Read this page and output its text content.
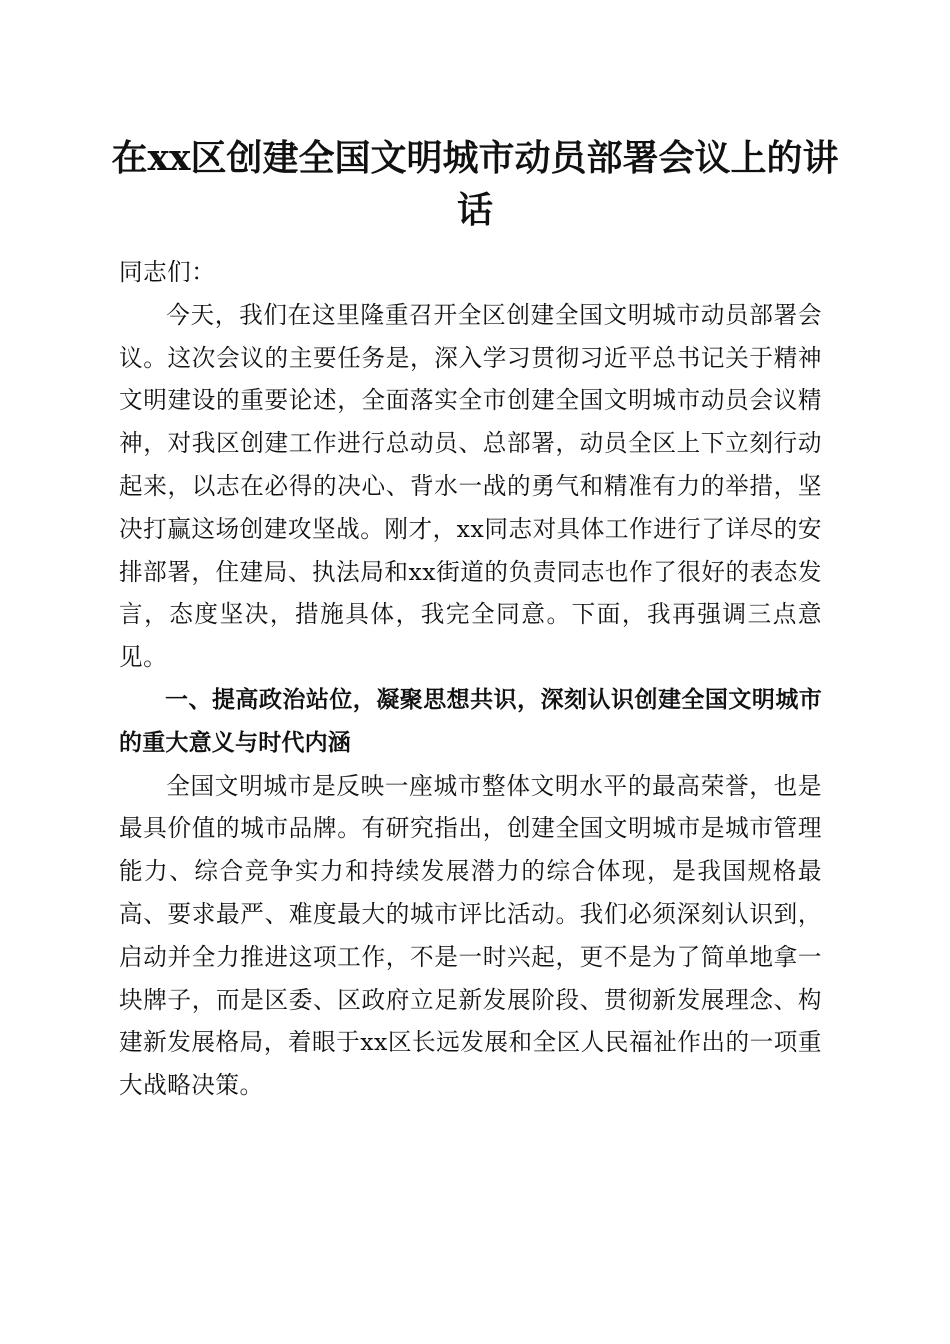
在xx区创建全国文明城市动员部署会议上的讲话

同志们：

今天，我们在这里隆重召开全区创建全国文明城市动员部署会议。这次会议的主要任务是，深入学习贯彻习近平总书记关于精神文明建设的重要论述，全面落实全市创建全国文明城市动员会议精神，对我区创建工作进行总动员、总部署，动员全区上下立刻行动起来，以志在必得的决心、背水一战的勇气和精准有力的举措，坚决打赢这场创建攻坚战。刚才，xx同志对具体工作进行了详尽的安排部署，住建局、执法局和xx街道的负责同志也作了很好的表态发言，态度坚决，措施具体，我完全同意。下面，我再强调三点意见。

一、提高政治站位，凝聚思想共识，深刻认识创建全国文明城市的重大意义与时代内涵

全国文明城市是反映一座城市整体文明水平的最高荣誉，也是最具价值的城市品牌。有研究指出，创建全国文明城市是城市管理能力、综合竞争实力和持续发展潜力的综合体现，是我国规格最高、要求最严、难度最大的城市评比活动。我们必须深刻认识到，启动并全力推进这项工作，不是一时兴起，更不是为了简单地拿一块牌子，而是区委、区政府立足新发展阶段、贯彻新发展理念、构建新发展格局，着眼于xx区长远发展和全区人民福祉作出的一项重大战略决策。
